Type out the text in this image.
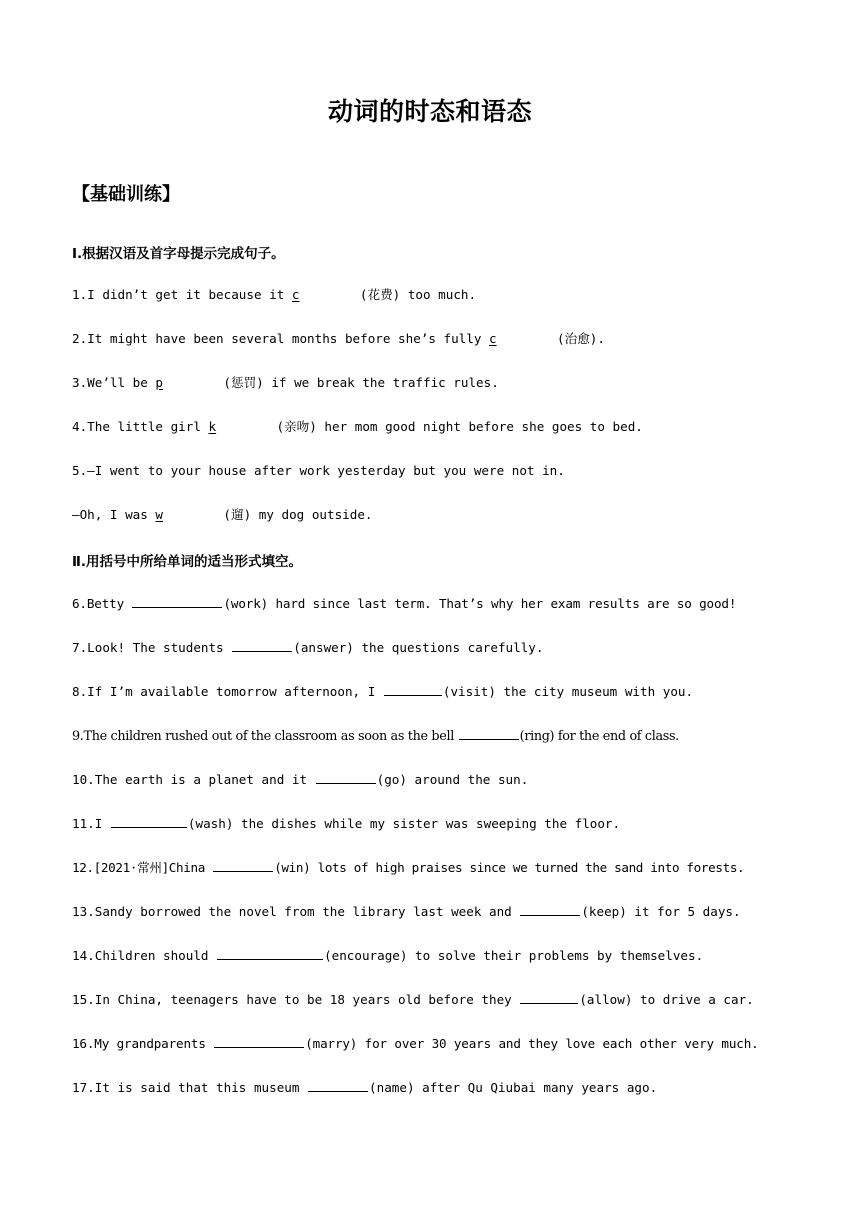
动词的时态和语态
【基础训练】
Ⅰ.根据汉语及首字母提示完成句子。
1.I didn’t get it because it c	(花费) too much.
2.It might have been several months before she’s fully c	(治愈).
3.We’ll be p	(惩罚) if we break the traffic rules.
4.The little girl k	(亲吻) her mom good night before she goes to bed.
5.—I went to your house after work yesterday but you were not in.
—Oh, I was w	(遛) my dog outside.
Ⅱ.用括号中所给单词的适当形式填空。
6.Betty	(work) hard since last term. That’s why her exam results are so good!
7.Look! The students	(answer) the questions carefully.
8.If I’m available tomorrow afternoon, I	(visit) the city museum with you.
9.The children rushed out of the classroom as soon as the bell	(ring) for the end of class.
10.The earth is a planet and it	(go) around the sun.
11.I	(wash) the dishes while my sister was sweeping the floor.
12.[2021·常州]China	(win) lots of high praises since we turned the sand into forests.
13.Sandy borrowed the novel from the library last week and	(keep) it for 5 days.
14.Children should	(encourage) to solve their problems by themselves.
15.In China, teenagers have to be 18 years old before they	(allow) to drive a car.
16.My grandparents	(marry) for over 30 years and they love each other very much.
17.It is said that this museum	(name) after Qu Qiubai many years ago.
